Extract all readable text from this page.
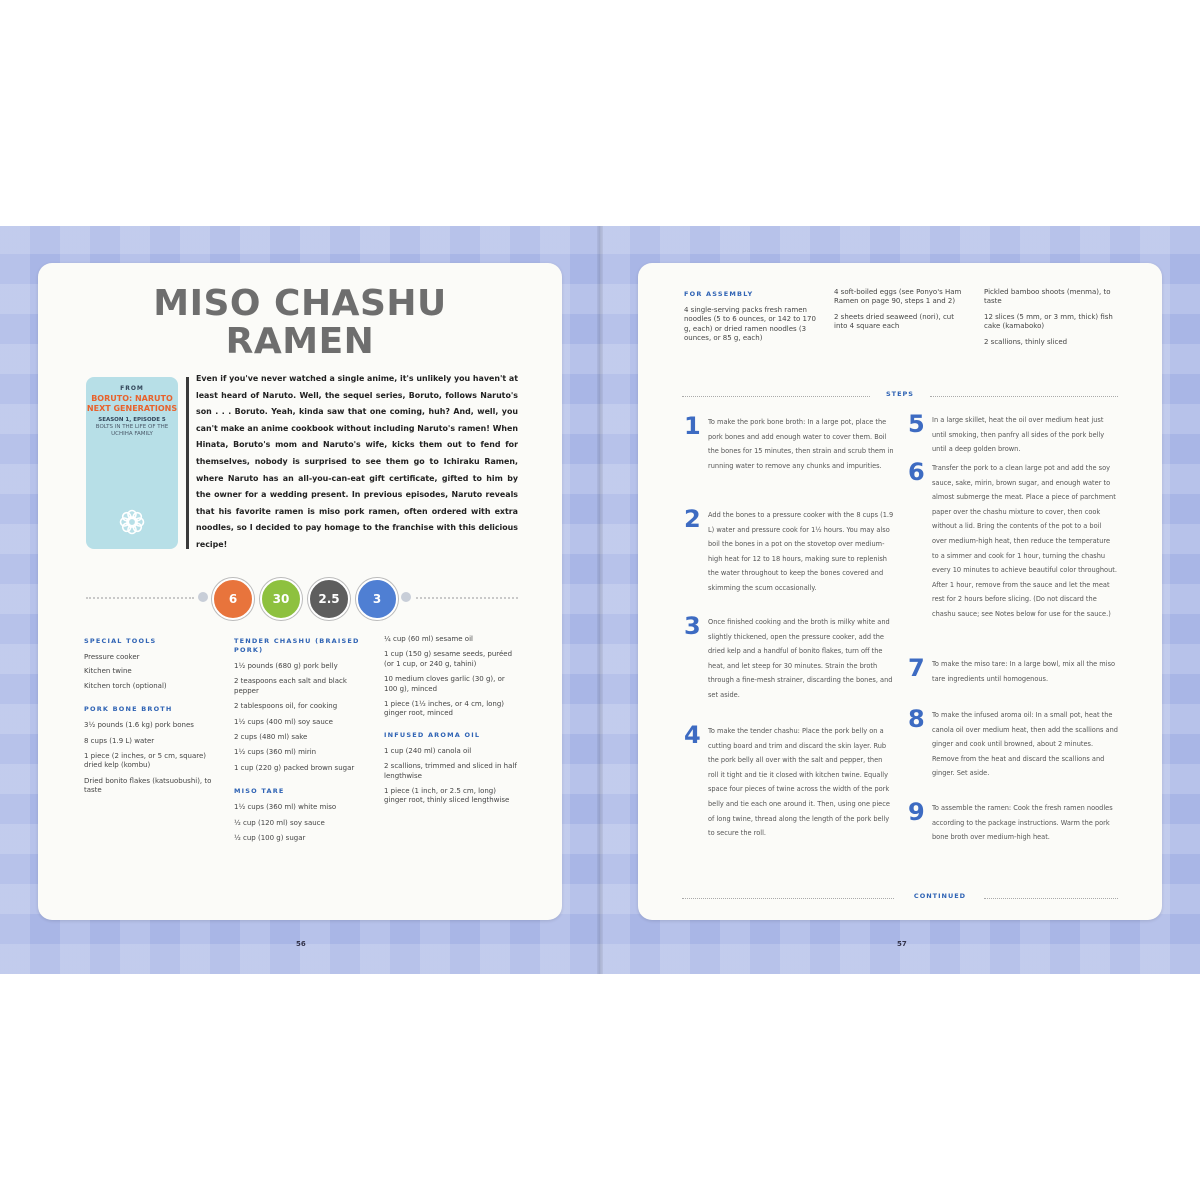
MISO CHASHU
RAMEN
FROM
BORUTO: NARUTO NEXT GENERATIONS
SEASON 1, EPISODE 5
BOLTS IN THE LIFE OF THE UCHIHA FAMILY
Even if you've never watched a single anime, it's unlikely you haven't at least heard of Naruto. Well, the sequel series, Boruto, follows Naruto's son . . . Boruto. Yeah, kinda saw that one coming, huh? And, well, you can't make an anime cookbook without including Naruto's ramen! When Hinata, Boruto's mom and Naruto's wife, kicks them out to fend for themselves, nobody is surprised to see them go to Ichiraku Ramen, where Naruto has an all-you-can-eat gift certificate, gifted to him by the owner for a wedding present. In previous episodes, Naruto reveals that his favorite ramen is miso pork ramen, often ordered with extra noodles, so I decided to pay homage to the franchise with this delicious recipe!
6	30	2.5	3
SPECIAL TOOLS
Pressure cooker
Kitchen twine
Kitchen torch (optional)
PORK BONE BROTH
3½ pounds (1.6 kg) pork bones
8 cups (1.9 L) water
1 piece (2 inches, or 5 cm, square) dried kelp (kombu)
Dried bonito flakes (katsuobushi), to taste
TENDER CHASHU (BRAISED PORK)
1½ pounds (680 g) pork belly
2 teaspoons each salt and black pepper
2 tablespoons oil, for cooking
1½ cups (400 ml) soy sauce
2 cups (480 ml) sake
1½ cups (360 ml) mirin
1 cup (220 g) packed brown sugar
MISO TARE
1½ cups (360 ml) white miso
½ cup (120 ml) soy sauce
½ cup (100 g) sugar
¼ cup (60 ml) sesame oil
1 cup (150 g) sesame seeds, puréed (or 1 cup, or 240 g, tahini)
10 medium cloves garlic (30 g), or 100 g), minced
1 piece (1½ inches, or 4 cm, long) ginger root, minced
INFUSED AROMA OIL
1 cup (240 ml) canola oil
2 scallions, trimmed and sliced in half lengthwise
1 piece (1 inch, or 2.5 cm, long) ginger root, thinly sliced lengthwise
56
FOR ASSEMBLY
4 single-serving packs fresh ramen noodles (5 to 6 ounces, or 142 to 170 g, each) or dried ramen noodles (3 ounces, or 85 g, each)
4 soft-boiled eggs (see Ponyo's Ham Ramen on page 90, steps 1 and 2)
2 sheets dried seaweed (nori), cut into 4 square each
Pickled bamboo shoots (menma), to taste
12 slices (5 mm, or 3 mm, thick) fish cake (kamaboko)
2 scallions, thinly sliced
STEPS
1 To make the pork bone broth: In a large pot, place the pork bones and add enough water to cover them. Boil the bones for 15 minutes, then strain and scrub them in running water to remove any chunks and impurities.
2 Add the bones to a pressure cooker with the 8 cups (1.9 L) water and pressure cook for 1½ hours. You may also boil the bones in a pot on the stovetop over medium-high heat for 12 to 18 hours, making sure to replenish the water throughout to keep the bones covered and skimming the scum occasionally.
3 Once finished cooking and the broth is milky white and slightly thickened, open the pressure cooker, add the dried kelp and a handful of bonito flakes, turn off the heat, and let steep for 30 minutes. Strain the broth through a fine-mesh strainer, discarding the bones, and set aside.
4 To make the tender chashu: Place the pork belly on a cutting board and trim and discard the skin layer. Rub the pork belly all over with the salt and pepper, then roll it tight and tie it closed with kitchen twine. Equally space four pieces of twine across the width of the pork belly and tie each one around it. Then, using one piece of long twine, thread along the length of the pork belly to secure the roll.
5 In a large skillet, heat the oil over medium heat just until smoking, then panfry all sides of the pork belly until a deep golden brown.
6 Transfer the pork to a clean large pot and add the soy sauce, sake, mirin, brown sugar, and enough water to almost submerge the meat. Place a piece of parchment paper over the chashu mixture to cover, then cook without a lid. Bring the contents of the pot to a boil over medium-high heat, then reduce the temperature to a simmer and cook for 1 hour, turning the chashu every 10 minutes to achieve beautiful color throughout. After 1 hour, remove from the sauce and let the meat rest for 2 hours before slicing. (Do not discard the chashu sauce; see Notes below for use for the sauce.)
7 To make the miso tare: In a large bowl, mix all the miso tare ingredients until homogenous.
8 To make the infused aroma oil: In a small pot, heat the canola oil over medium heat, then add the scallions and ginger and cook until browned, about 2 minutes. Remove from the heat and discard the scallions and ginger. Set aside.
9 To assemble the ramen: Cook the fresh ramen noodles according to the package instructions. Warm the pork bone broth over medium-high heat.
CONTINUED
57
